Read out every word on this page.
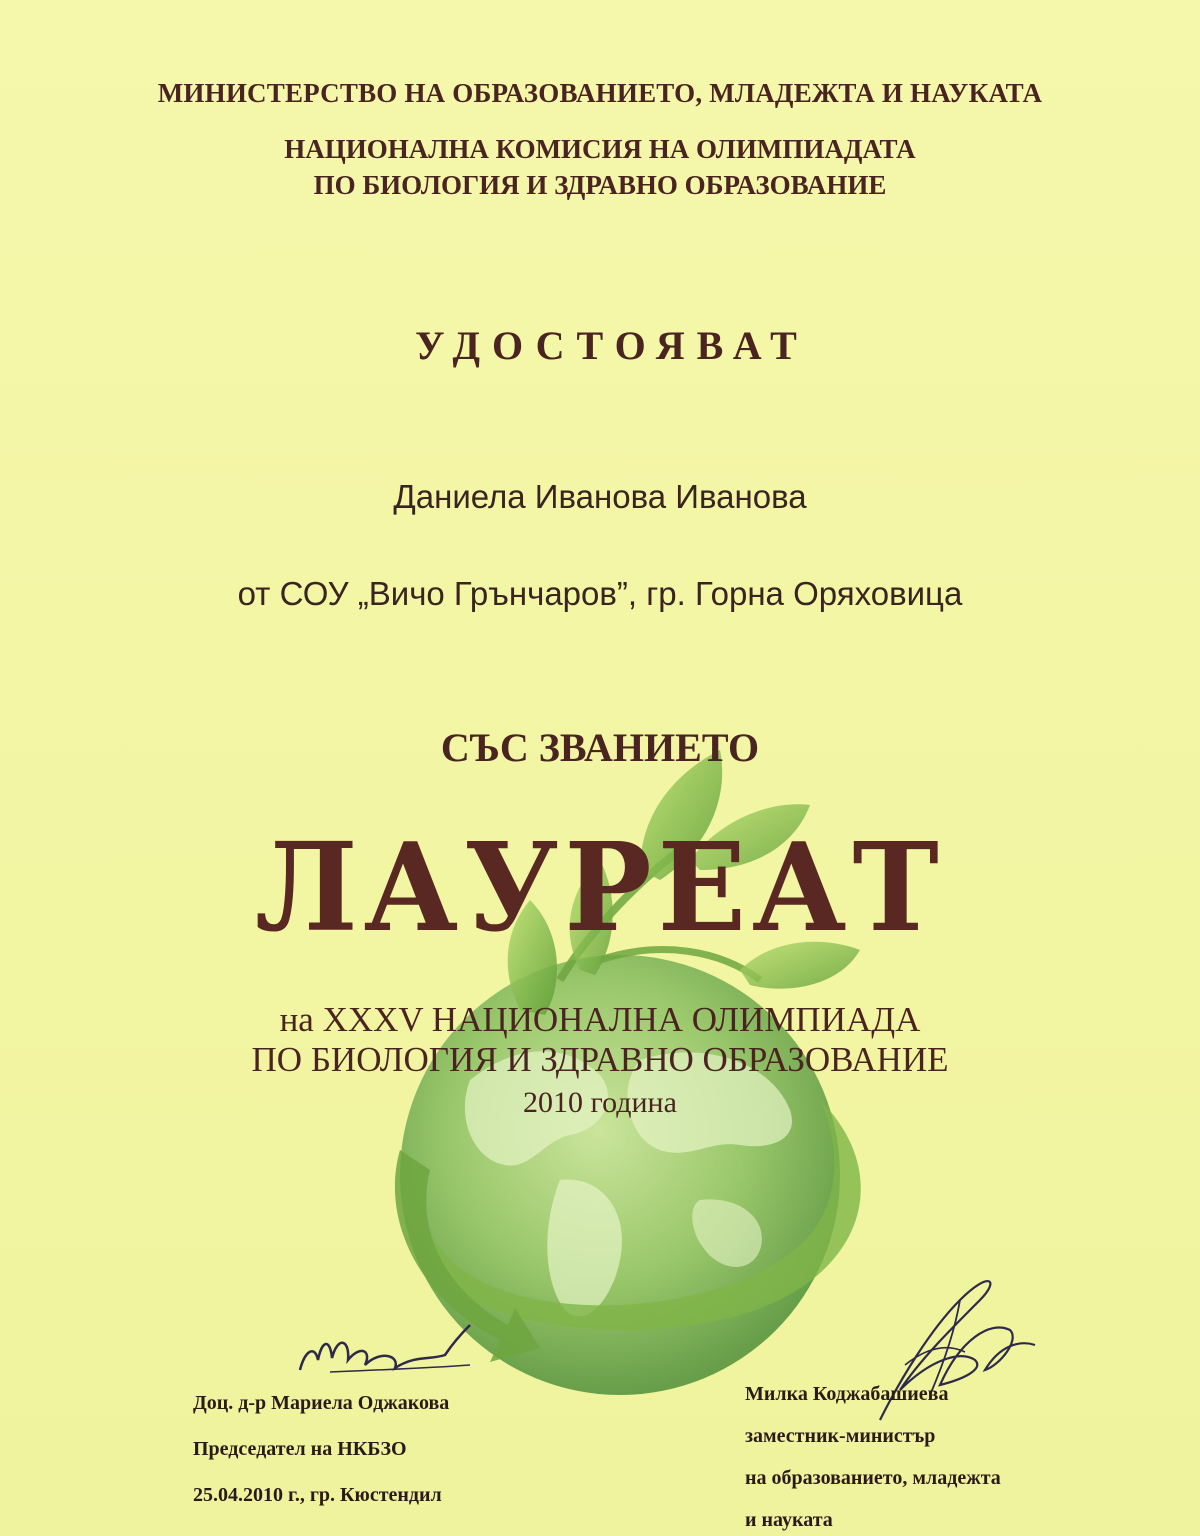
МИНИСТЕРСТВО НА ОБРАЗОВАНИЕТО, МЛАДЕЖТА И НАУКАТА
НАЦИОНАЛНА КОМИСИЯ НА ОЛИМПИАДАТА
ПО БИОЛОГИЯ И ЗДРАВНО ОБРАЗОВАНИЕ
УДОСТОЯВАТ
Даниела Иванова Иванова
от СОУ „Вичо Грънчаров”, гр. Горна Оряховица
СЪС ЗВАНИЕТО
ЛАУРЕАТ
на XXXV НАЦИОНАЛНА ОЛИМПИАДА
ПО БИОЛОГИЯ И ЗДРАВНО ОБРАЗОВАНИЕ
2010 година
Доц. д-р Мариела Оджакова
Председател на НКБЗО
25.04.2010 г., гр. Кюстендил
Милка Коджабашиева
заместник-министър
на образованието, младежта
и науката
